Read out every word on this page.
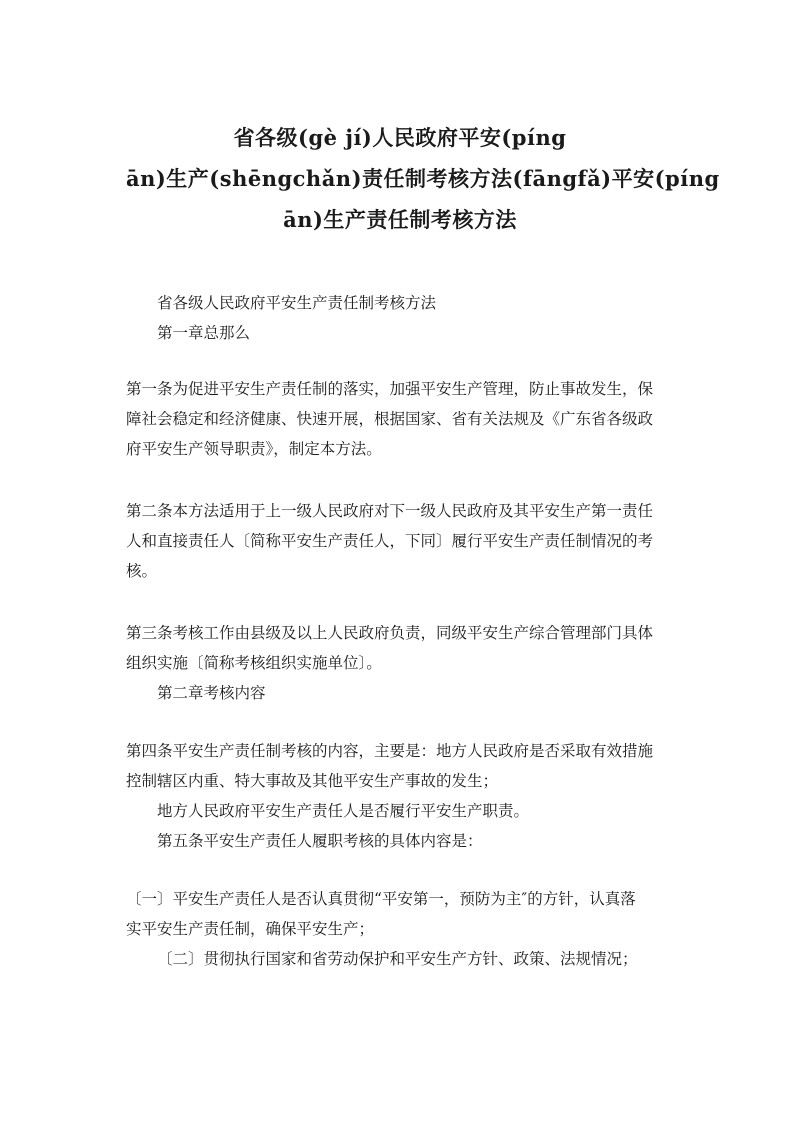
省各级(gè jí)人民政府平安(píng
ān)生产(shēngchǎn)责任制考核方法(fāngfǎ)平安(píng
ān)生产责任制考核方法

省各级人民政府平安生产责任制考核方法

第一章总那么

第一条为促进平安生产责任制的落实，加强平安生产管理，防止事故发生，保
障社会稳定和经济健康、快速开展，根据国家、省有关法规及《广东省各级政
府平安生产领导职责》，制定本方法。

第二条本方法适用于上一级人民政府对下一级人民政府及其平安生产第一责任
人和直接责任人〔简称平安生产责任人，下同〕履行平安生产责任制情况的考
核。

第三条考核工作由县级及以上人民政府负责，同级平安生产综合管理部门具体
组织实施〔简称考核组织实施单位〕。

第二章考核内容

第四条平安生产责任制考核的内容，主要是：地方人民政府是否采取有效措施
控制辖区内重、特大事故及其他平安生产事故的发生；

地方人民政府平安生产责任人是否履行平安生产职责。

第五条平安生产责任人履职考核的具体内容是：

〔一〕平安生产责任人是否认真贯彻“平安第一，预防为主″的方针，认真落
实平安生产责任制，确保平安生产；

〔二〕贯彻执行国家和省劳动保护和平安生产方针、政策、法规情况；
